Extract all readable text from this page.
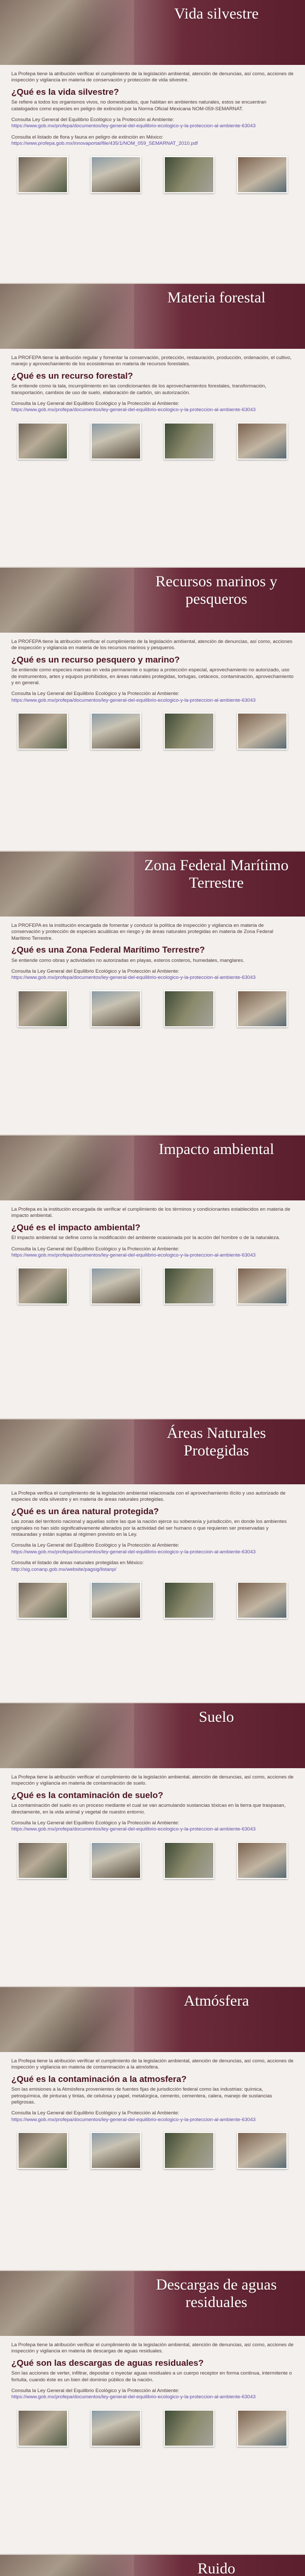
Vida silvestre

La Profepa tiene la atribución verificar el cumplimiento de la legislación ambiental, atención de denuncias, así como, acciones de inspección y vigilancia en materia de conservación y protección de vida silvestre.

¿Qué es la vida silvestre?

Se refiere a todos los organismos vivos, no domesticados, que habitan en ambientes naturales, estos se encuentran catalogados como especies en peligro de extinción por la Norma Oficial Mexicana NOM-059-SEMARNAT.

Consulta Ley General del Equilibrio Ecológico y la Protección al Ambiente:
https://www.gob.mx/profepa/documentos/ley-general-del-equilibrio-ecologico-y-la-proteccion-al-ambiente-63043

Consulta el listado de flora y fauna en peligro de extinción en México:
https://www.profepa.gob.mx/innovaportal/file/435/1/NOM_059_SEMARNAT_2010.pdf

Materia forestal

La PROFEPA tiene la atribución regular y fomentar la conservación, protección, restauración, producción, ordenación, el cultivo, manejo y aprovechamiento de los ecosistemas en materia de recursos forestales.

¿Qué es un recurso forestal?

Se entiende como la tala, incumplimiento en las condicionantes de los aprovechamientos forestales, transformación, transportación, cambios de uso de suelo, elaboración de carbón, sin autorización.

Consulta la Ley General del Equilibrio Ecológico y la Protección al Ambiente:
https://www.gob.mx/profepa/documentos/ley-general-del-equilibrio-ecologico-y-la-proteccion-al-ambiente-63043

Recursos marinos y pesqueros

La PROFEPA tiene la atribución verificar el cumplimiento de la legislación ambiental, atención de denuncias, así como, acciones de inspección y vigilancia en materia de los recursos marinos y pesqueros.

¿Qué es un recurso pesquero y marino?

Se entiende como especies marinas en veda permanente o sujetas a protección especial, aprovechamiento no autorizado, uso de instrumentos, artes y equipos prohibidos, en áreas naturales protegidas, tortugas, cetáceos, contaminación, aprovechamiento y en general.

Consulta la Ley General del Equilibrio Ecológico y la Protección al Ambiente:
https://www.gob.mx/profepa/documentos/ley-general-del-equilibrio-ecologico-y-la-proteccion-al-ambiente-63043

Zona Federal Marítimo Terrestre

La PROFEPA es la institución encargada de fomentar y conducir la política de inspección y vigilancia en materia de conservación y protección de especies acuáticas en riesgo y de áreas naturales protegidas en materia de Zona Federal Marítimo Terrestre.

¿Qué es una Zona Federal Marítimo Terrestre?

Se entiende como obras y actividades no autorizadas en playas, esteros costeros, humedales, manglares.

Consulta la Ley General del Equilibrio Ecológico y la Protección al Ambiente:
https://www.gob.mx/profepa/documentos/ley-general-del-equilibrio-ecologico-y-la-proteccion-al-ambiente-63043

Impacto ambiental

La Profepa es la institución encargada de verificar el cumplimiento de los términos y condicionantes establecidos en materia de impacto ambiental.

¿Qué es el impacto ambiental?

El impacto ambiental se define como la modificación del ambiente ocasionada por la acción del hombre o de la naturaleza.

Consulta la Ley General del Equilibrio Ecológico y la Protección al Ambiente:
https://www.gob.mx/profepa/documentos/ley-general-del-equilibrio-ecologico-y-la-proteccion-al-ambiente-63043

Áreas Naturales Protegidas

La Profepa verifica el cumplimiento de la legislación ambiental relacionada con el aprovechamiento ilícito y uso autorizado de especies de vida silvestre y en materia de áreas naturales protegidas.

¿Qué es un área natural protegida?

Las zonas del territorio nacional y aquellas sobre las que la nación ejerce su soberanía y jurisdicción, en donde los ambientes originales no han sido significativamente alterados por la actividad del ser humano o que requieren ser preservadas y restauradas y están sujetas al régimen previsto en la Ley.

Consulta la Ley General del Equilibrio Ecológico y la Protección al Ambiente:
https://www.gob.mx/profepa/documentos/ley-general-del-equilibrio-ecologico-y-la-proteccion-al-ambiente-63043

Consulta el listado de áreas naturales protegidas en México:
http://sig.conanp.gob.mx/website/pagsig/listanp/

Suelo

La Profepa tiene la atribución verificar el cumplimiento de la legislación ambiental, atención de denuncias, así como, acciones de inspección y vigilancia en materia de contaminación de suelo.

¿Qué es la contaminación de suelo?

La contaminación del suelo es un proceso mediante el cual se van acumulando sustancias tóxicas en la tierra que traspasan, directamente, en la vida animal y vegetal de nuestro entorno.

Consulta la Ley General del Equilibrio Ecológico y la Protección al Ambiente:
https://www.gob.mx/profepa/documentos/ley-general-del-equilibrio-ecologico-y-la-proteccion-al-ambiente-63043

Atmósfera

La Profepa tiene la atribución verificar el cumplimiento de la legislación ambiental, atención de denuncias, así como, acciones de inspección y vigilancia en materia de contaminación a la atmósfera.

¿Qué es la contaminación a la atmosfera?

Son las emisiones a la Atmósfera provenientes de fuentes fijas de jurisdicción federal como las industrias: química, petroquímica, de pinturas y tintas, de celulosa y papel, metalúrgica, cemento, cementera, calera, manejo de sustancias peligrosas.

Consulta la Ley General del Equilibrio Ecológico y la Protección al Ambiente:
https://www.gob.mx/profepa/documentos/ley-general-del-equilibrio-ecologico-y-la-proteccion-al-ambiente-63043

Descargas de aguas residuales

La Profepa tiene la atribución verificar el cumplimiento de la legislación ambiental, atención de denuncias, así como, acciones de inspección y vigilancia en materia de descargas de aguas residuales.

¿Qué son las descargas de aguas residuales?

Son las acciones de verter, infiltrar, depositar o inyectar aguas residuales a un cuerpo receptor en forma continua, intermitente o fortuita, cuando éste es un bien del dominio público de la nación.

Consulta la Ley General del Equilibrio Ecológico y la Protección al Ambiente:
https://www.gob.mx/profepa/documentos/ley-general-del-equilibrio-ecologico-y-la-proteccion-al-ambiente-63043

Ruido
